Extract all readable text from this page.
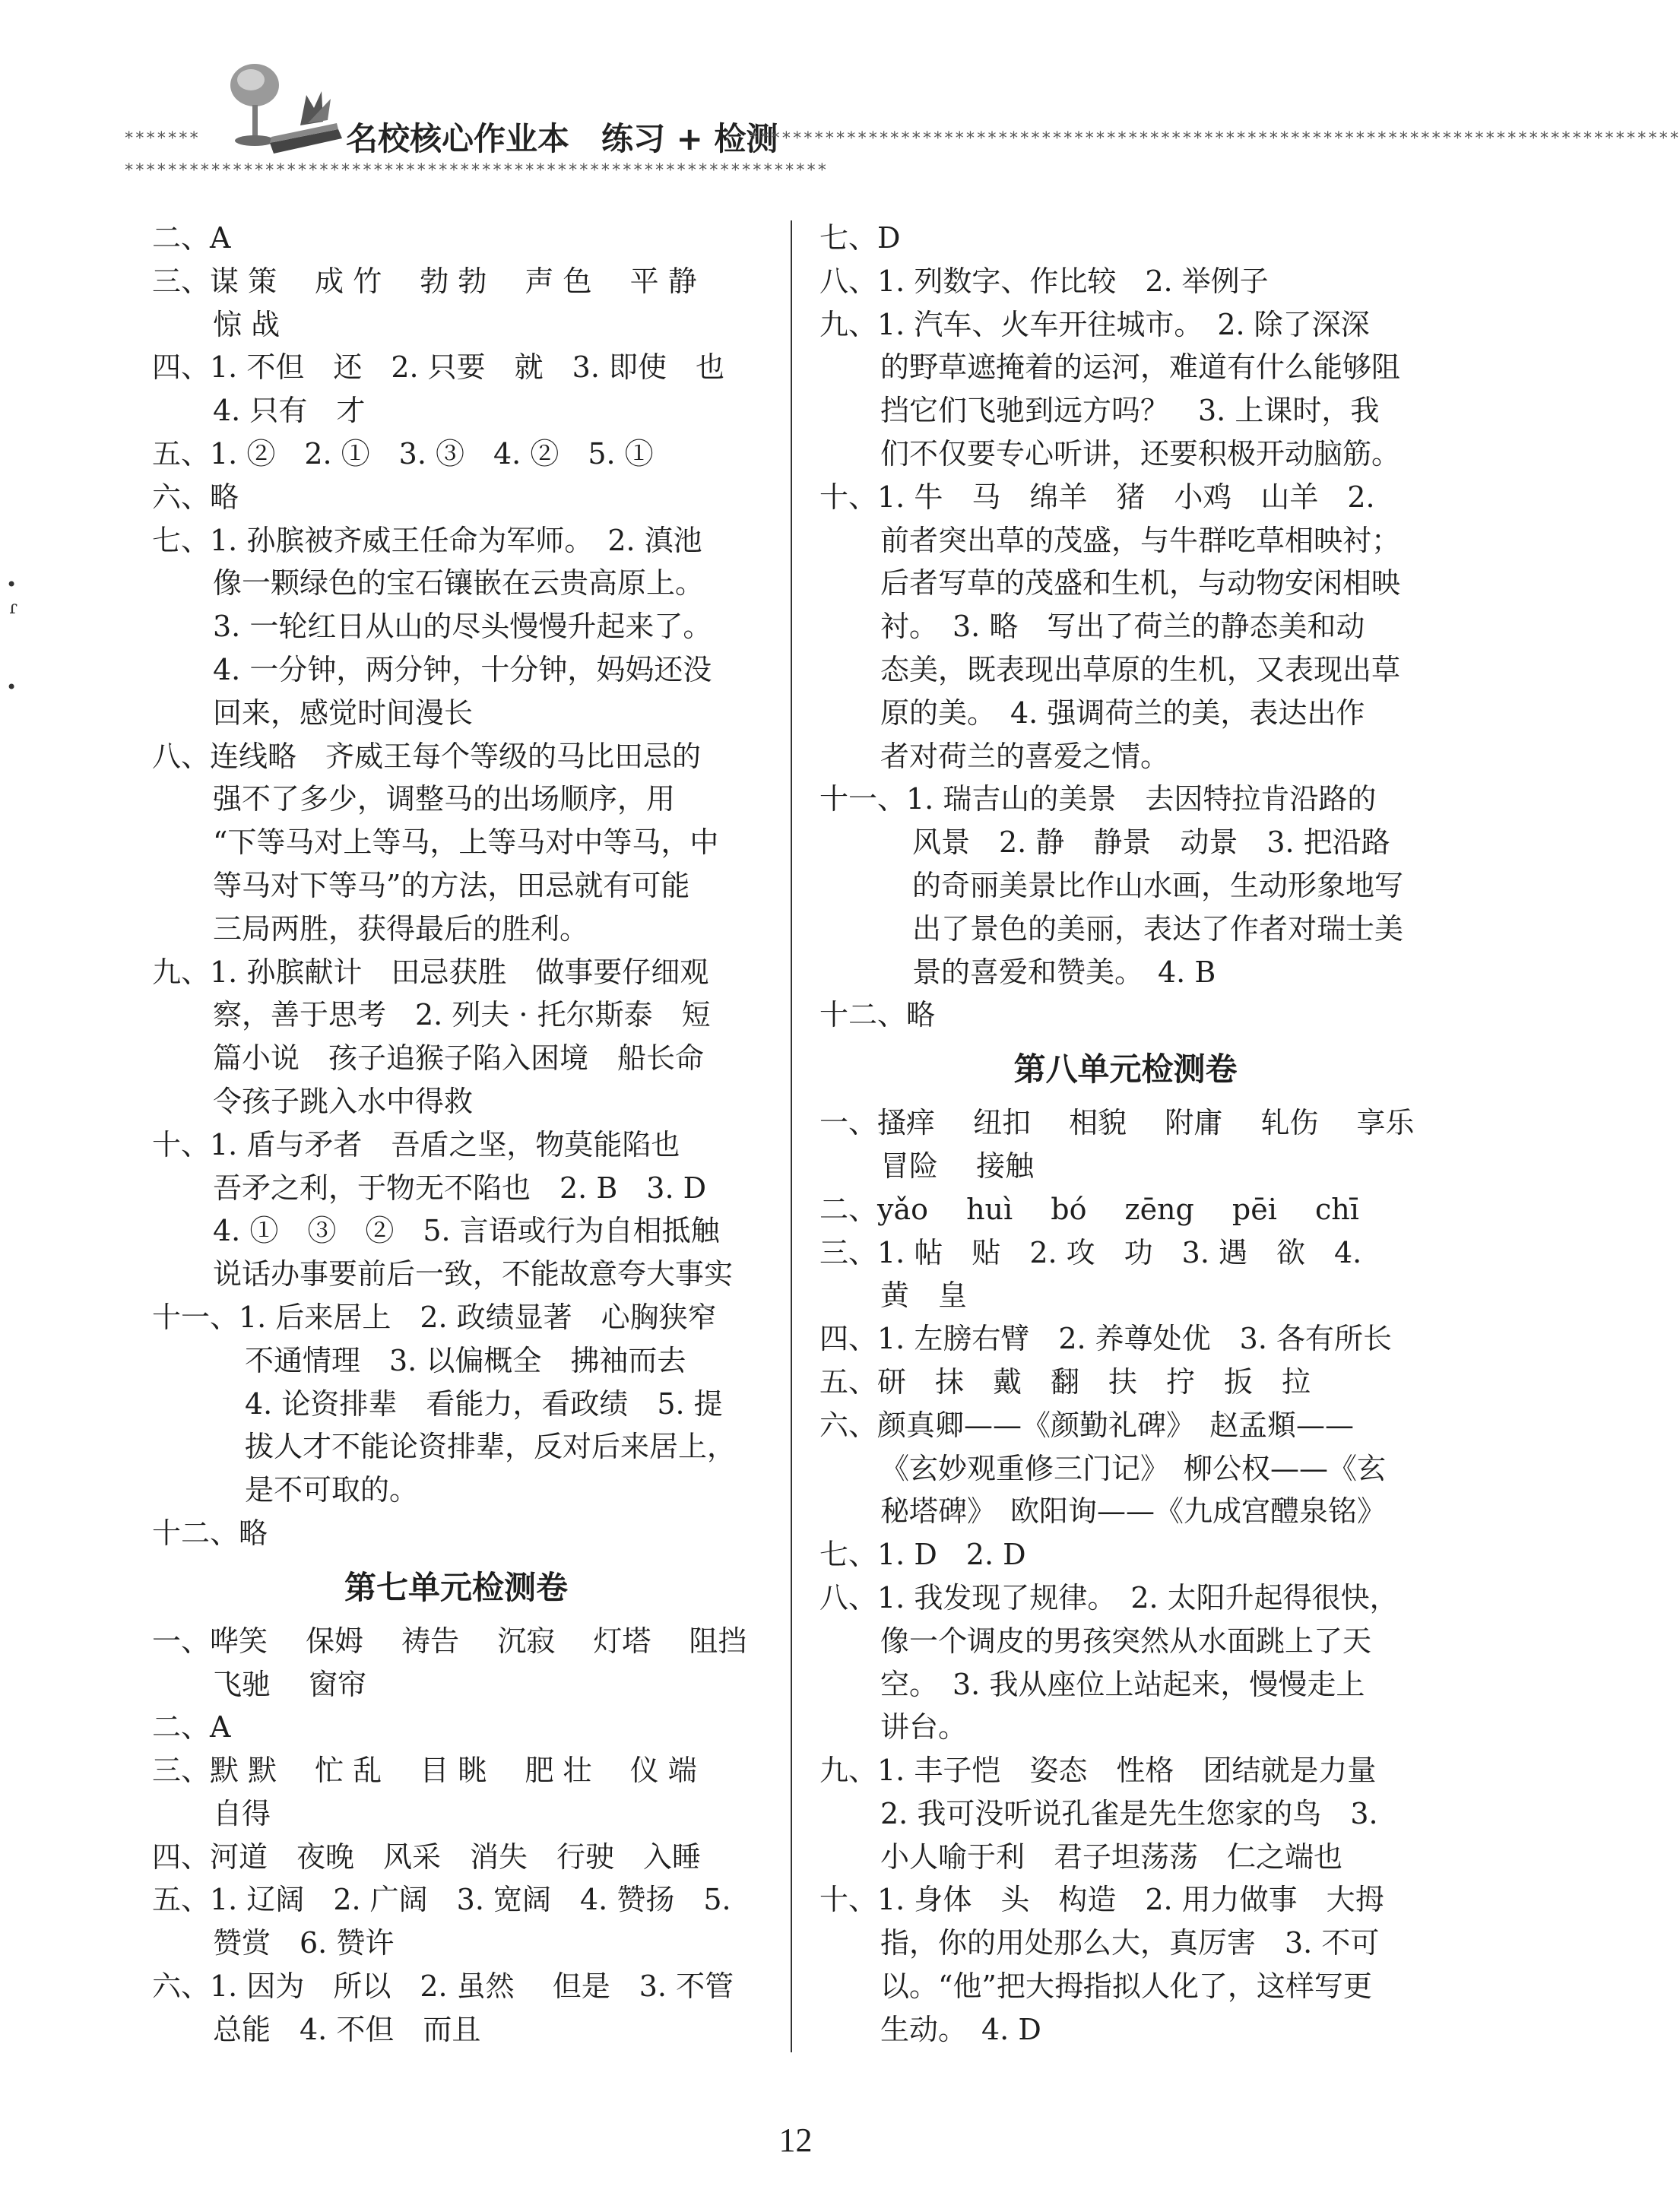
*******	名校核心作业本　练习 + 检测
**************************************************************************************
*****************************************************************
•
ɾ
•
二、A
三、谋 策　 成 竹　 勃 勃　 声 色　 平 静
惊 战
四、1. 不但　还　2. 只要　就　3. 即使　也
4. 只有　才
五、1. ②　2. ①　3. ③　4. ②　5. ①
六、略
七、1. 孙膑被齐威王任命为军师。　2. 滇池
像一颗绿色的宝石镶嵌在云贵高原上。
3. 一轮红日从山的尽头慢慢升起来了。
4. 一分钟，两分钟，十分钟，妈妈还没
回来，感觉时间漫长
八、连线略　齐威王每个等级的马比田忌的
强不了多少，调整马的出场顺序，用
“下等马对上等马，上等马对中等马，中
等马对下等马”的方法，田忌就有可能
三局两胜，获得最后的胜利。
九、1. 孙膑献计　田忌获胜　做事要仔细观
察，善于思考　2. 列夫 · 托尔斯泰　短
篇小说　孩子追猴子陷入困境　船长命
令孩子跳入水中得救
十、1. 盾与矛者　吾盾之坚，物莫能陷也
吾矛之利，于物无不陷也　2. B　3. D
4. ①　③　②　5. 言语或行为自相抵触
说话办事要前后一致，不能故意夸大事实
十一、1. 后来居上　2. 政绩显著　心胸狭窄
不通情理　3. 以偏概全　拂袖而去
4. 论资排辈　看能力，看政绩　5. 提
拔人才不能论资排辈，反对后来居上，
是不可取的。
十二、略
第七单元检测卷
一、哗笑　 保姆　 祷告　 沉寂　 灯塔　 阻挡
飞驰　 窗帘
二、A
三、默 默　 忙 乱　 目 眺　 肥 壮　 仪 端
自得
四、河道　夜晚　风采　消失　行驶　入睡
五、1. 辽阔　2. 广阔　3. 宽阔　4. 赞扬　5.
赞赏　6. 赞许
六、1. 因为　所以　2. 虽然　 但是　3. 不管
总能　4. 不但　而且
七、D
八、1. 列数字、作比较　2. 举例子
九、1. 汽车、火车开往城市。　2. 除了深深
的野草遮掩着的运河，难道有什么能够阻
挡它们飞驰到远方吗？　3. 上课时，我
们不仅要专心听讲，还要积极开动脑筋。
十、1. 牛　马　绵羊　猪　小鸡　山羊　2.
前者突出草的茂盛，与牛群吃草相映衬；
后者写草的茂盛和生机，与动物安闲相映
衬。　3. 略　写出了荷兰的静态美和动
态美，既表现出草原的生机，又表现出草
原的美。　4. 强调荷兰的美，表达出作
者对荷兰的喜爱之情。
十一、1. 瑞吉山的美景　去因特拉肯沿路的
风景　2. 静　静景　动景　3. 把沿路
的奇丽美景比作山水画，生动形象地写
出了景色的美丽，表达了作者对瑞士美
景的喜爱和赞美。　4. B
十二、略
第八单元检测卷
一、搔痒　 纽扣　 相貌　 附庸　 轧伤　 享乐
冒险　 接触
二、yǎo　 huì　 bó　 zēng　 pēi　 chī
三、1. 帖　贴　2. 攻　功　3. 遇　欲　4.
黄　皇
四、1. 左膀右臂　2. 养尊处优　3. 各有所长
五、研　抹　戴　翻　扶　拧　扳　拉
六、颜真卿——《颜勤礼碑》　赵孟頫——
《玄妙观重修三门记》　柳公权——《玄
秘塔碑》　欧阳询——《九成宫醴泉铭》
七、1. D　2. D
八、1. 我发现了规律。　2. 太阳升起得很快，
像一个调皮的男孩突然从水面跳上了天
空。　3. 我从座位上站起来，慢慢走上
讲台。
九、1. 丰子恺　姿态　性格　团结就是力量
2. 我可没听说孔雀是先生您家的鸟　3.
小人喻于利　君子坦荡荡　仁之端也
十、1. 身体　头　构造　2. 用力做事　大拇
指，你的用处那么大，真厉害　3. 不可
以。“他”把大拇指拟人化了，这样写更
生动。　4. D
12
